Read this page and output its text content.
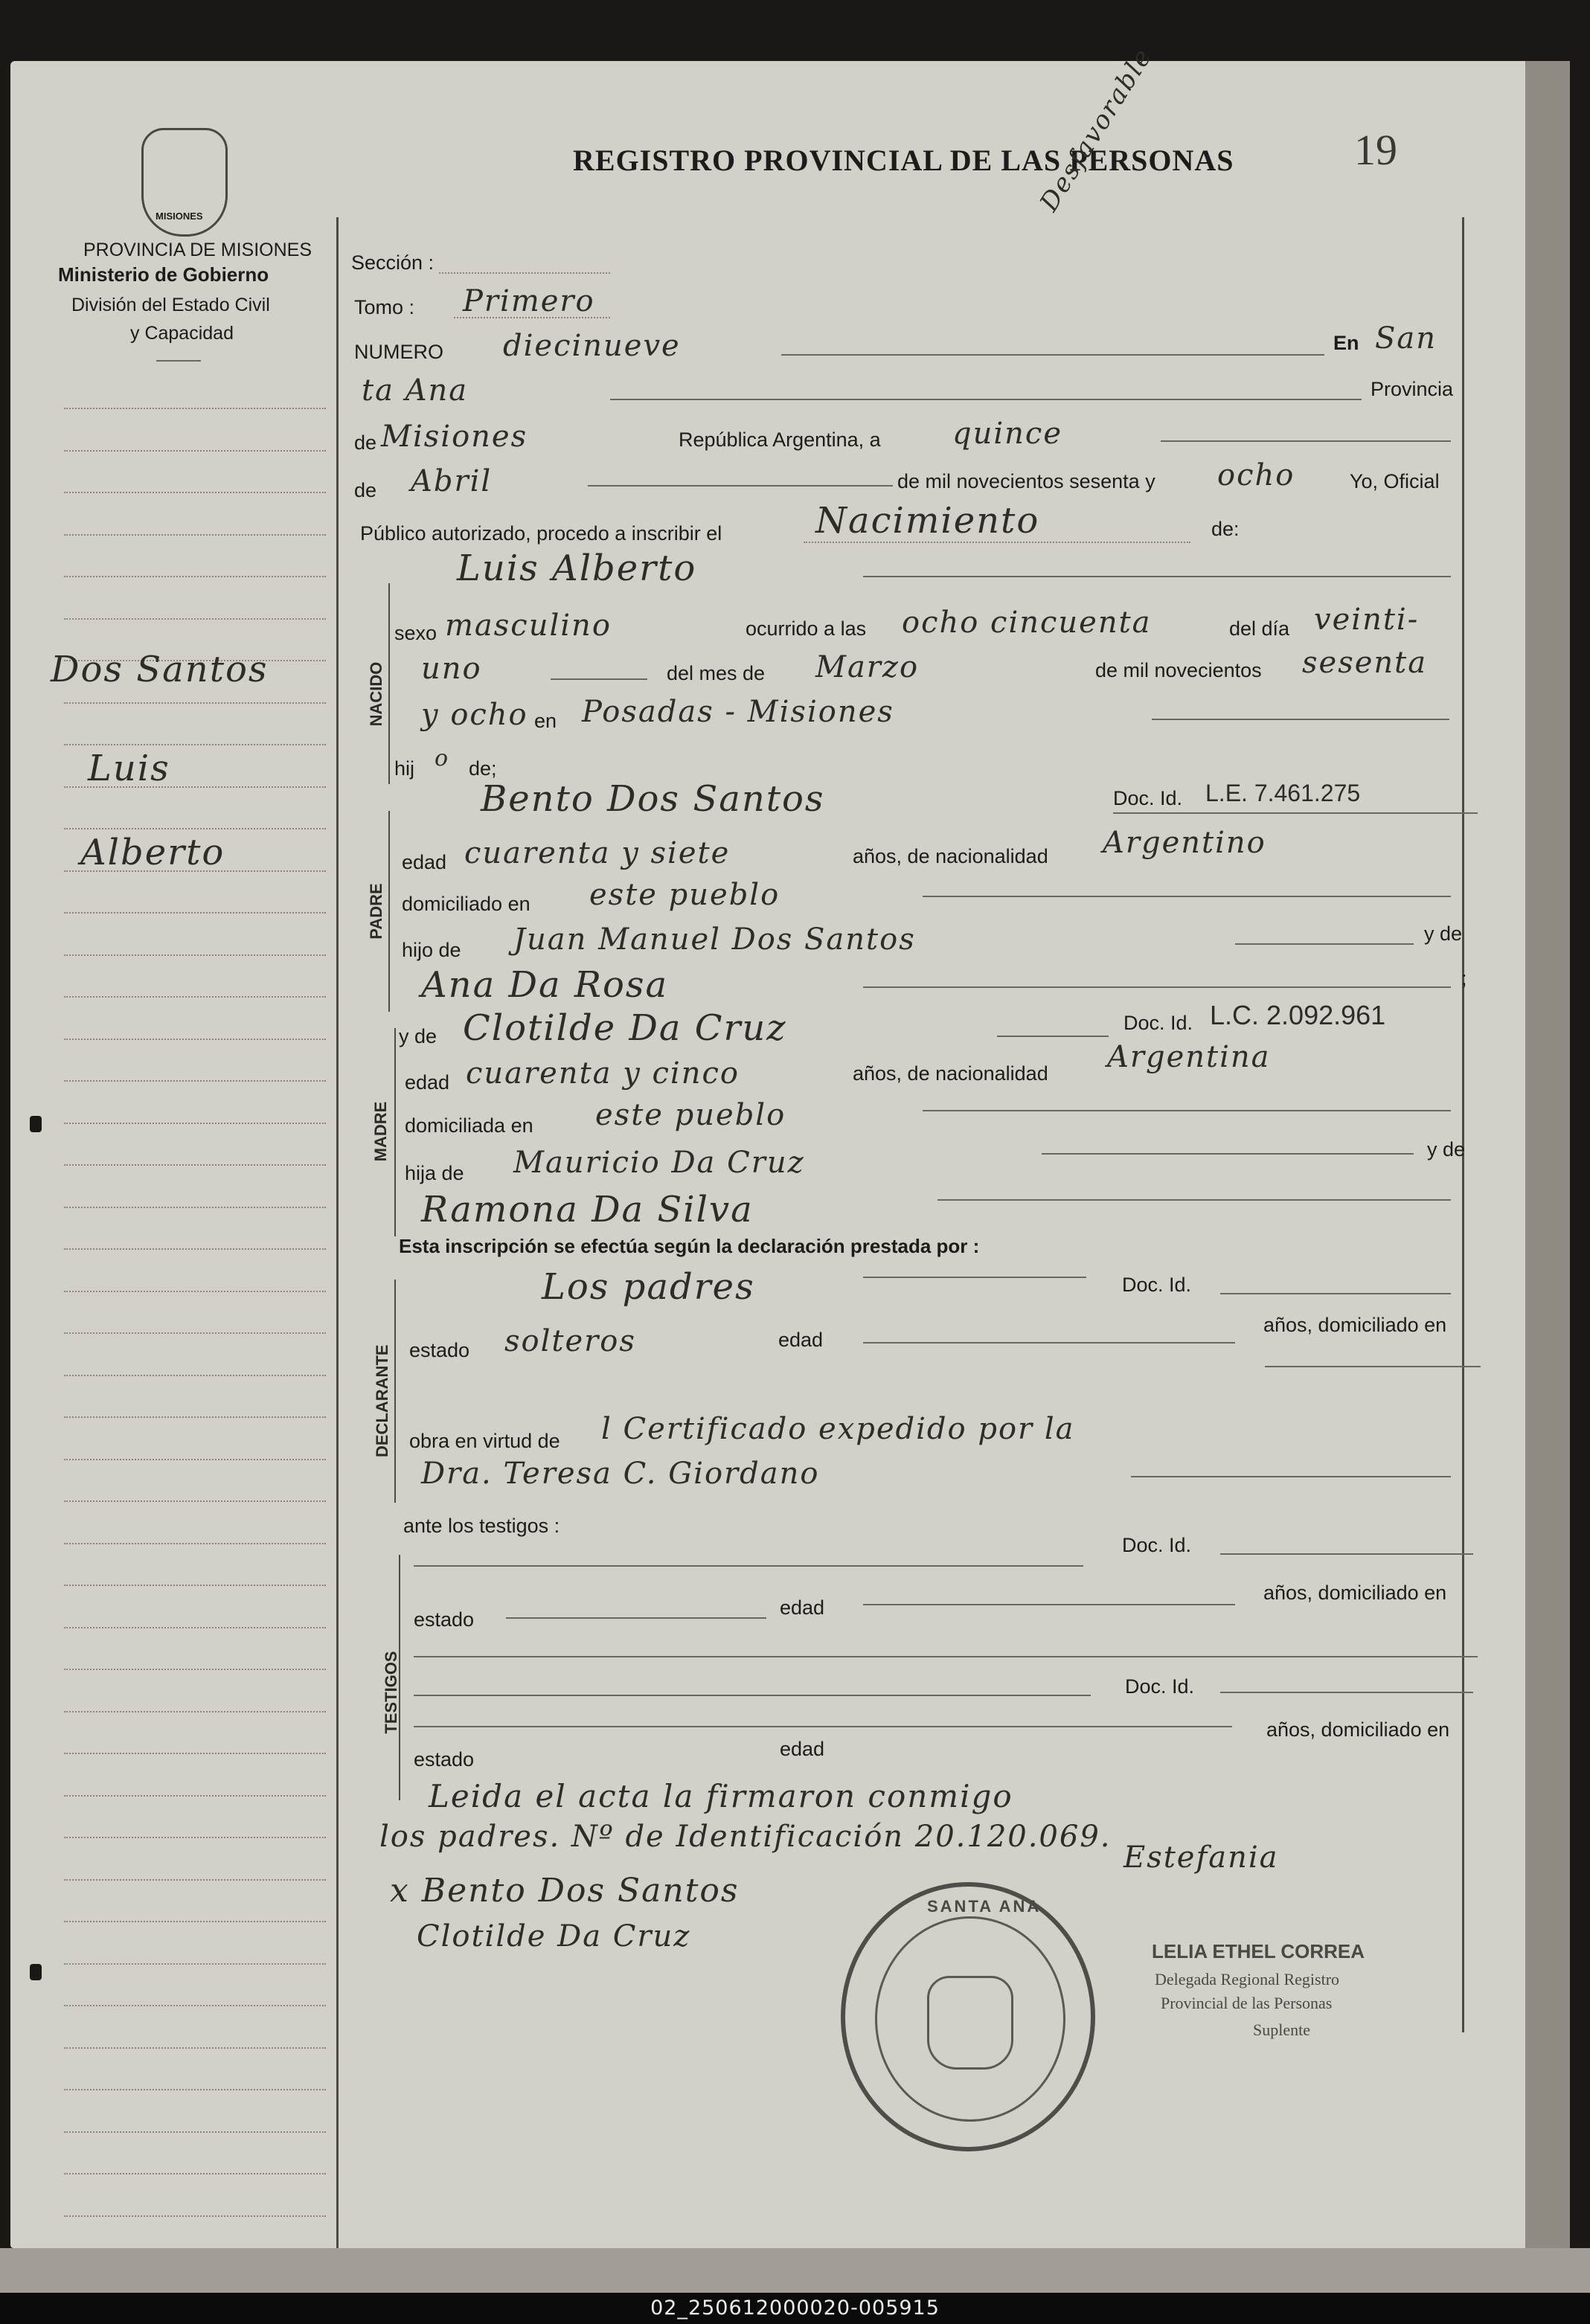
19
REGISTRO PROVINCIAL DE LAS PERSONAS
MISIONES
PROVINCIA DE MISIONES
Ministerio de Gobierno
División del Estado Civil
y Capacidad
Dos Santos
Luis
Alberto
Desfavorable
Sección :
Tomo : Primero
NUMERO diecinueve	En San
ta Ana	Provincia
de Misiones	República Argentina, a quince
de Abril	de mil novecientos sesenta y ocho	Yo, Oficial
Público autorizado, procedo a inscribir el	Nacimiento	de:
Luis Alberto
NACIDO
sexo masculino	ocurrido a las ocho cincuenta	del día veinti-
uno	del mes de Marzo	de mil novecientos sesenta
y ocho en Posadas - Misiones
hij o de;
Bento Dos Santos	Doc. Id. L.E. 7.461.275
PADRE
edad cuarenta y siete	años, de nacionalidad Argentino
domiciliado en este pueblo
hijo de Juan Manuel Dos Santos	y de
Ana Da Rosa	;
y de Clotilde Da Cruz	Doc. Id. L.C. 2.092.961
MADRE
edad cuarenta y cinco	años, de nacionalidad Argentina
domiciliada en este pueblo
hija de Mauricio Da Cruz	y de
Ramona Da Silva
Esta inscripción se efectúa según la declaración prestada por :
DECLARANTE
Los padres	Doc. Id.
estado solteros	edad
años, domiciliado en
obra en virtud de l Certificado expedido por la
Dra. Teresa C. Giordano
ante los testigos :
TESTIGOS
Doc. Id.
estado
edad
años, domiciliado en
Doc. Id.
edad
años, domiciliado en
estado
Leida el acta la firmaron conmigo
los padres. Nº de Identificación 20.120.069.
x Bento Dos Santos
Clotilde Da Cruz
Estefania
LELIA ETHEL CORREA
Delegada Regional Registro
Provincial de las Personas
Suplente
SANTA ANA
02_250612000020-005915
